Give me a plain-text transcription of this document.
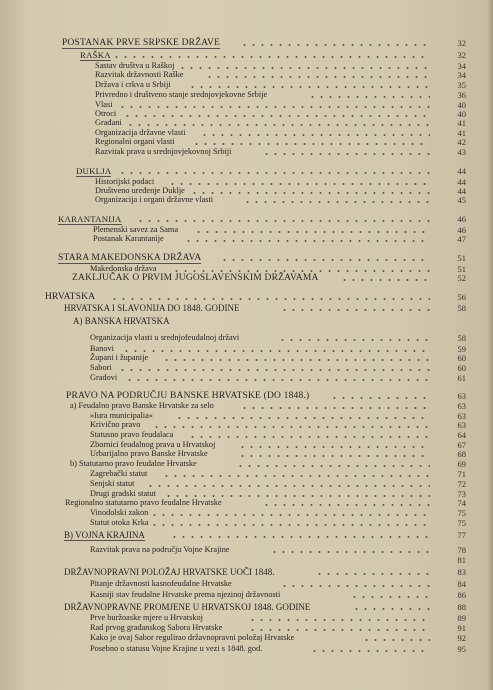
POSTANAK PRVE SRPSKE DRŽAVE	32
RAŠKA	32
Sastav društva u Raškoj	34
Razvitak državnosti Raške	34
Država i crkva u Srbiji	35
Privredno i društveno stanje srednjovjekovne Srbije	36
Vlasi	40
Otroci	40
Građani	41
Organizacija državne vlasti	41
Regionalni organi vlasti	42
Razvitak prava u srednjovjekovnoj Srbiji	43
DUKLJA	44
Historijski podaci	44
Društveno uređenje Duklje	44
Organizacija i organi državne vlasti	45
KARANTANIJA	46
Plemenski savez za Samа	46
Postanak Karantanije	47
STARA MAKEDONSKA DRŽAVA	51
Makedonska država	51
ZAKLJUČAK O PRVIM JUGOSLAVENSKIM DRŽAVAMA	52
HRVATSKA	56
HRVATSKA I SLAVONIJA DO 1848. GODINE	58
A) BANSKA HRVATSKA
Organizacija vlasti u srednjofeudalnoj državi	58
Banovi	59
Župani i županije	60
Sabori	60
Gradovi	61
PRAVO NA PODRUČJU BANSKE HRVATSKE (DO 1848.)	63
a) Feudalno pravo Banske Hrvatske za selo	63
»Iura municipalia«	63
Krivično pravo	63
Statusno pravo feudalaca	64
Zbornici feudalnog prava u Hrvatskoj	67
Urbarijalno pravo Banske Hrvatske	68
b) Statutarno pravo feudalne Hrvatske	69
Zagrebački statut	71
Senjski statut	72
Drugi gradski statut	73
Regionalno statutarno pravo feudalne Hrvatske	74
Vinodolski zakon	75
Statut otoka Krka	75
B) VOJNA KRAJINA	77
Razvitak prava na području Vojne Krajine	78
81
DRŽAVNOPRAVNI POLOŽAJ HRVATSKE UOČI 1848.	83
Pitanje državnosti kasnofeudalne Hrvatske	84
Kasniji stav feudalne Hrvatske prema njezinoj državnosti	86
DRŽAVNOPRAVNE PROMJENE U HRVATSKOJ 1848. GODINE	88
Prve buržoaske mjere u Hrvatskoj	89
Rad prvog građanskog Sabora Hrvatske	91
Kako je ovaj Sabor regulirao državnopravni položaj Hrvatske	92
Posebno o statusu Vojne Krajine u vezi s 1848. god.	95
